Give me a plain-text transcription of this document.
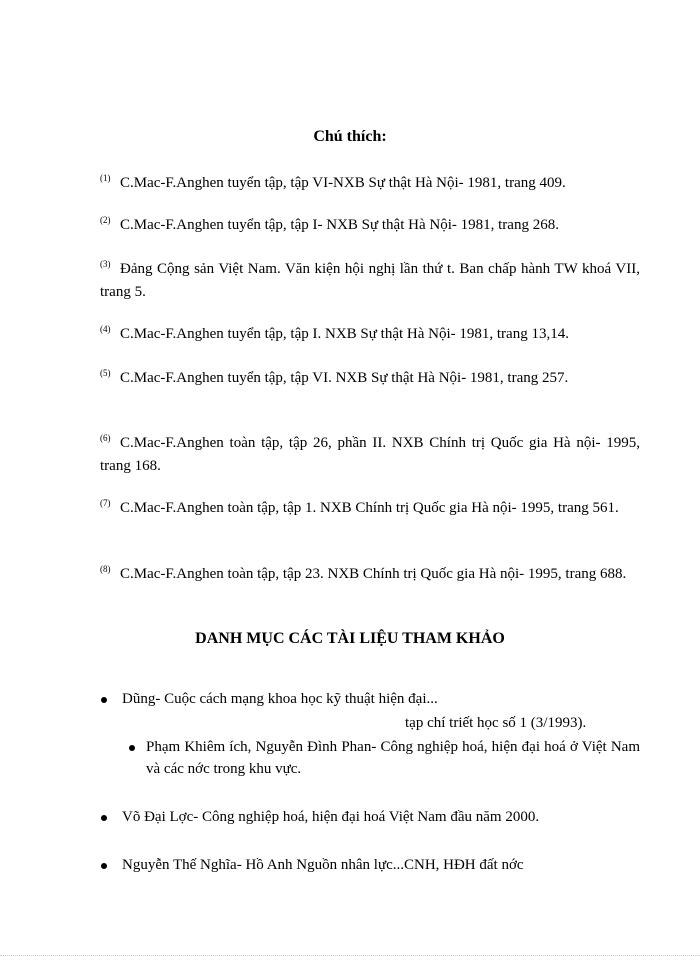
Chú thích:
(1) C.Mac-F.Anghen tuyển tập, tập VI-NXB Sự thật Hà Nội- 1981, trang 409.
(2) C.Mac-F.Anghen tuyển tập, tập I- NXB Sự thật Hà Nội- 1981, trang 268.
(3) Đảng Cộng sản Việt Nam. Văn kiện hội nghị lần thứ t. Ban chấp hành TW khoá VII, trang 5.
(4) C.Mac-F.Anghen tuyển tập, tập I. NXB Sự thật Hà Nội- 1981, trang 13,14.
(5) C.Mac-F.Anghen tuyển tập, tập VI. NXB Sự thật Hà Nội- 1981, trang 257.
(6) C.Mac-F.Anghen toàn tập, tập 26, phần II. NXB Chính trị Quốc gia Hà nội- 1995, trang 168.
(7) C.Mac-F.Anghen toàn tập, tập 1. NXB Chính trị Quốc gia Hà nội- 1995, trang 561.
(8) C.Mac-F.Anghen toàn tập, tập 23. NXB Chính trị Quốc gia Hà nội- 1995, trang 688.
DANH MỤC CÁC TÀI LIỆU THAM KHẢO
Dũng- Cuộc cách mạng khoa học kỹ thuật hiện đại...
tạp chí triết học số 1 (3/1993).
Phạm Khiêm ích, Nguyễn Đình Phan- Công nghiệp hoá, hiện đại hoá ở Việt Nam và các nớc trong khu vực.
Võ Đại Lợc- Công nghiệp hoá, hiện đại hoá Việt Nam đầu năm 2000.
Nguyễn Thế Nghĩa- Hồ Anh Nguồn nhân lực...CNH, HĐH đất nớc
